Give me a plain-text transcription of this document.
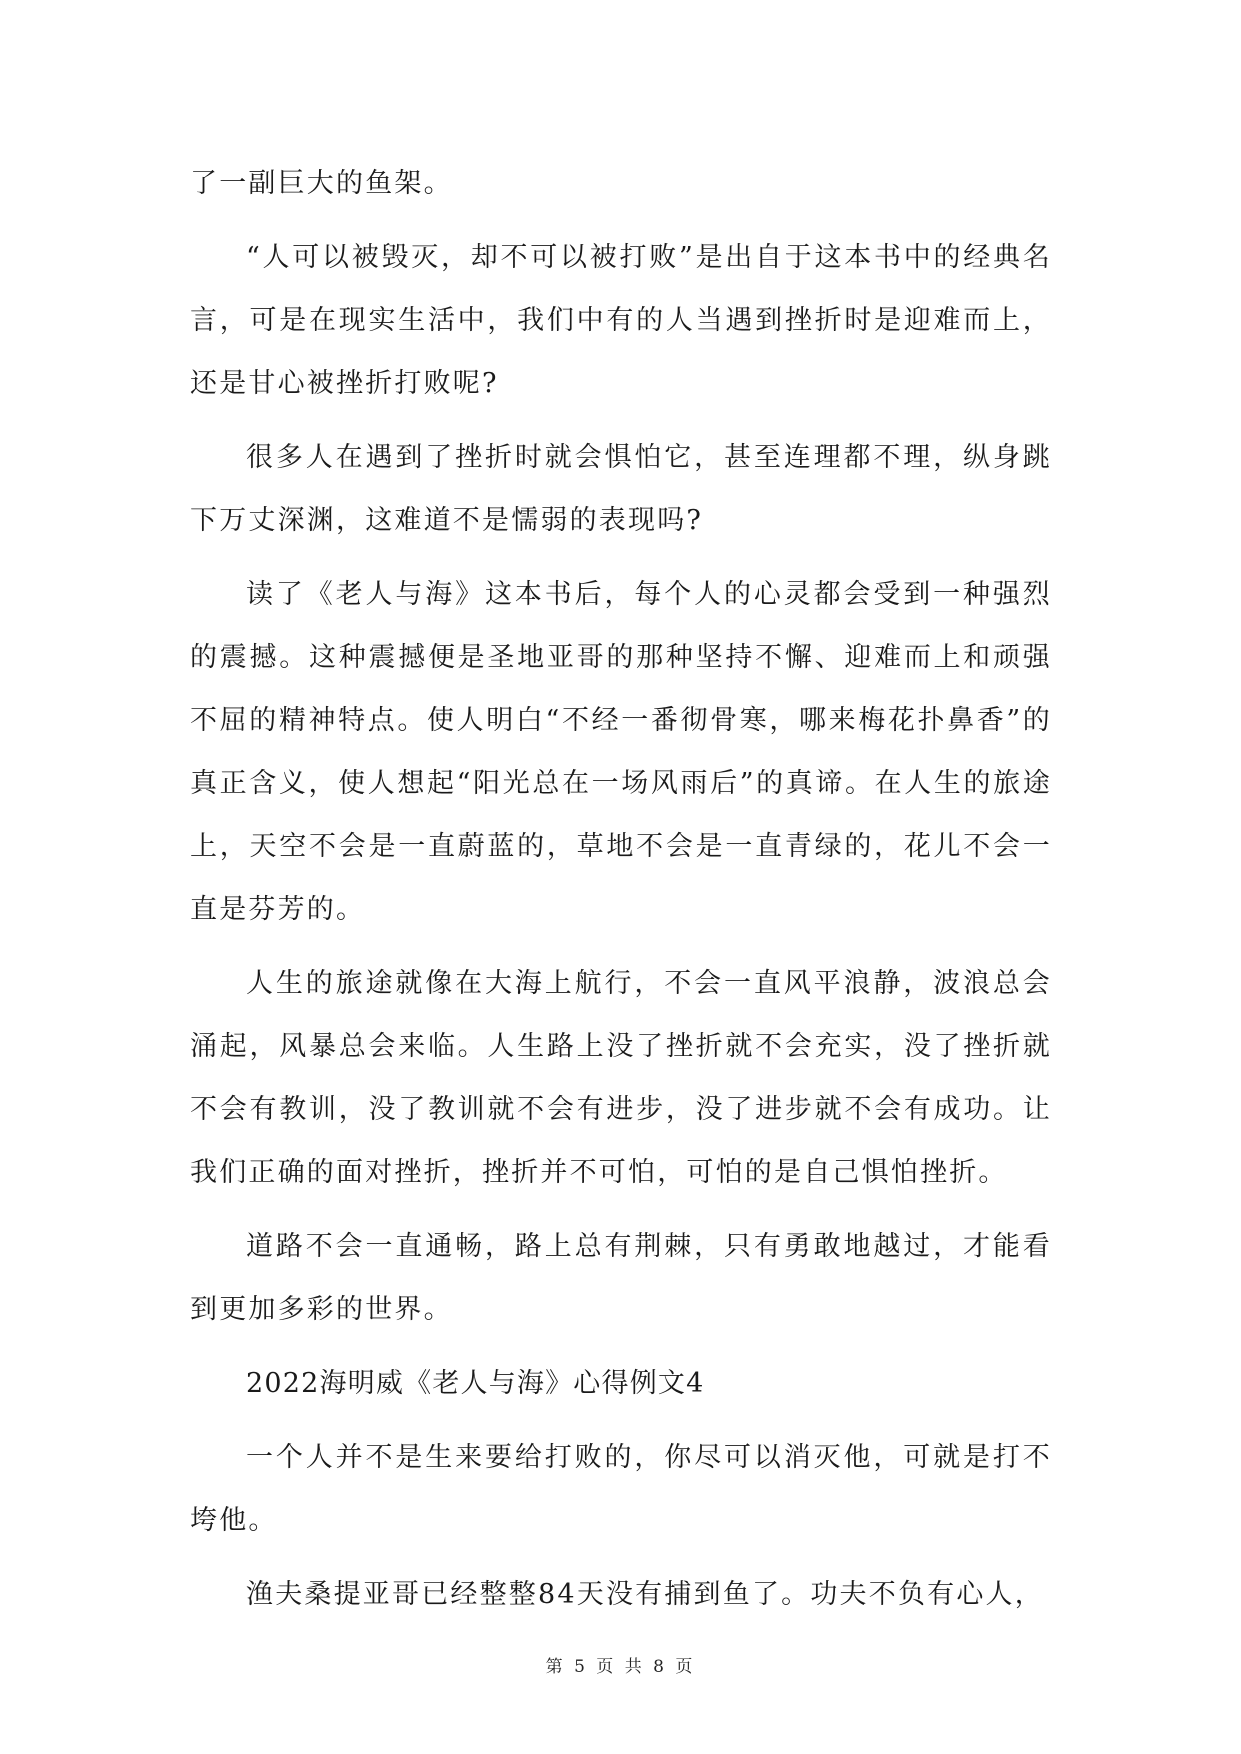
了一副巨大的鱼架。

“人可以被毁灭，却不可以被打败”是出自于这本书中的经典名言，可是在现实生活中，我们中有的人当遇到挫折时是迎难而上，还是甘心被挫折打败呢?

很多人在遇到了挫折时就会惧怕它，甚至连理都不理，纵身跳下万丈深渊，这难道不是懦弱的表现吗?

读了《老人与海》这本书后，每个人的心灵都会受到一种强烈的震撼。这种震撼便是圣地亚哥的那种坚持不懈、迎难而上和顽强不屈的精神特点。使人明白“不经一番彻骨寒，哪来梅花扑鼻香”的真正含义，使人想起“阳光总在一场风雨后”的真谛。在人生的旅途上，天空不会是一直蔚蓝的，草地不会是一直青绿的，花儿不会一直是芬芳的。

人生的旅途就像在大海上航行，不会一直风平浪静，波浪总会涌起，风暴总会来临。人生路上没了挫折就不会充实，没了挫折就不会有教训，没了教训就不会有进步，没了进步就不会有成功。让我们正确的面对挫折，挫折并不可怕，可怕的是自己惧怕挫折。

道路不会一直通畅，路上总有荆棘，只有勇敢地越过，才能看到更加多彩的世界。

2022海明威《老人与海》心得例文4

一个人并不是生来要给打败的，你尽可以消灭他，可就是打不垮他。

渔夫桑提亚哥已经整整84天没有捕到鱼了。功夫不负有心人，

第 5 页 共 8 页
